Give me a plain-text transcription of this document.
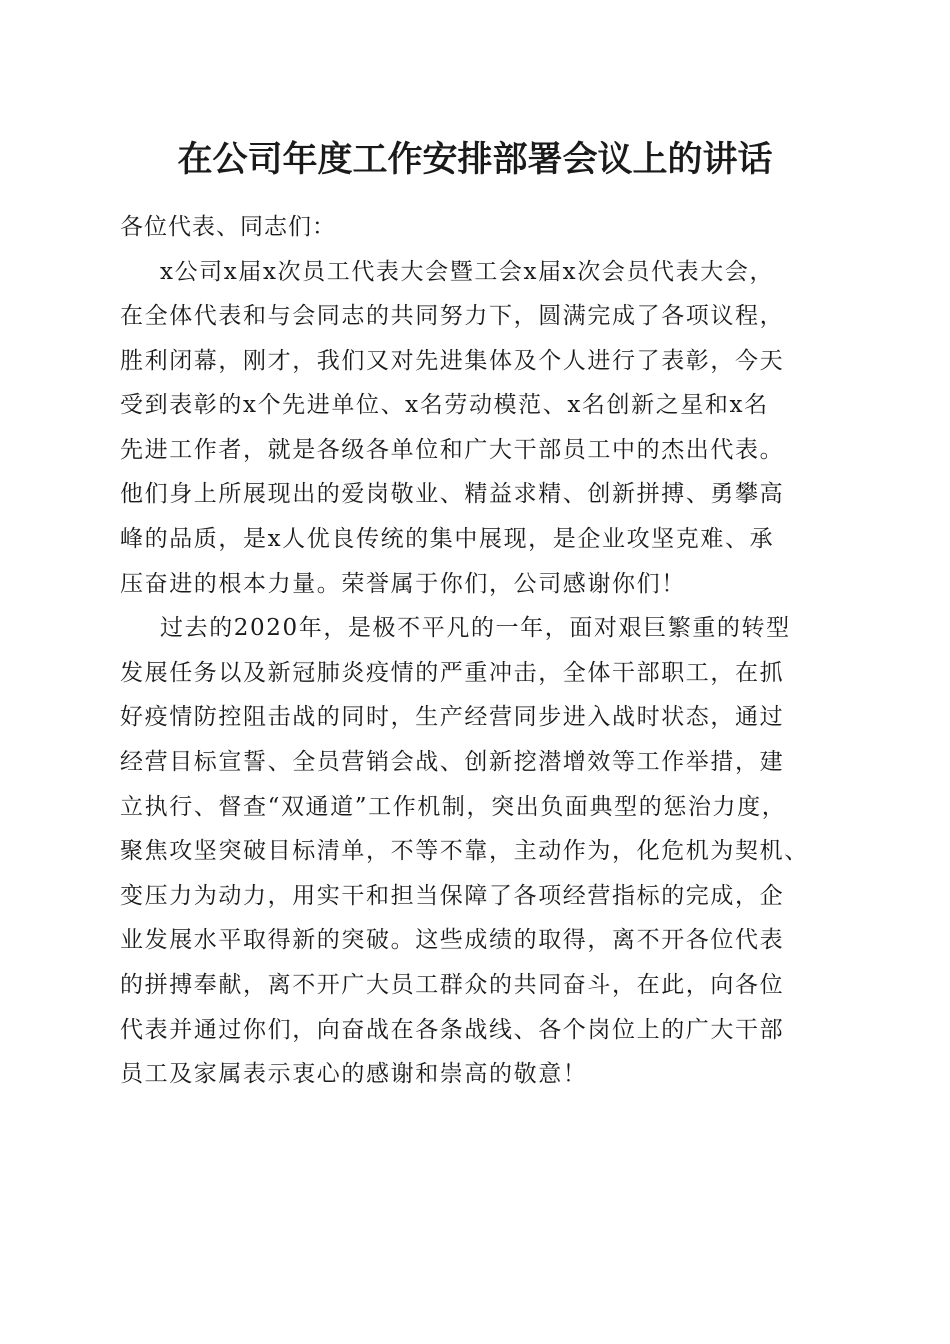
在公司年度工作安排部署会议上的讲话

各位代表、同志们：

x公司x届x次员工代表大会暨工会x届x次会员代表大会，
在全体代表和与会同志的共同努力下，圆满完成了各项议程，
胜利闭幕，刚才，我们又对先进集体及个人进行了表彰，今天
受到表彰的x个先进单位、x名劳动模范、x名创新之星和x名
先进工作者，就是各级各单位和广大干部员工中的杰出代表。
他们身上所展现出的爱岗敬业、精益求精、创新拼搏、勇攀高
峰的品质，是x人优良传统的集中展现，是企业攻坚克难、承
压奋进的根本力量。荣誉属于你们，公司感谢你们！
过去的2020年，是极不平凡的一年，面对艰巨繁重的转型
发展任务以及新冠肺炎疫情的严重冲击，全体干部职工，在抓
好疫情防控阻击战的同时，生产经营同步进入战时状态，通过
经营目标宣誓、全员营销会战、创新挖潜增效等工作举措，建
立执行、督查“双通道”工作机制，突出负面典型的惩治力度，
聚焦攻坚突破目标清单，不等不靠，主动作为，化危机为契机、
变压力为动力，用实干和担当保障了各项经营指标的完成，企
业发展水平取得新的突破。这些成绩的取得，离不开各位代表
的拼搏奉献，离不开广大员工群众的共同奋斗，在此，向各位
代表并通过你们，向奋战在各条战线、各个岗位上的广大干部
员工及家属表示衷心的感谢和崇高的敬意！
